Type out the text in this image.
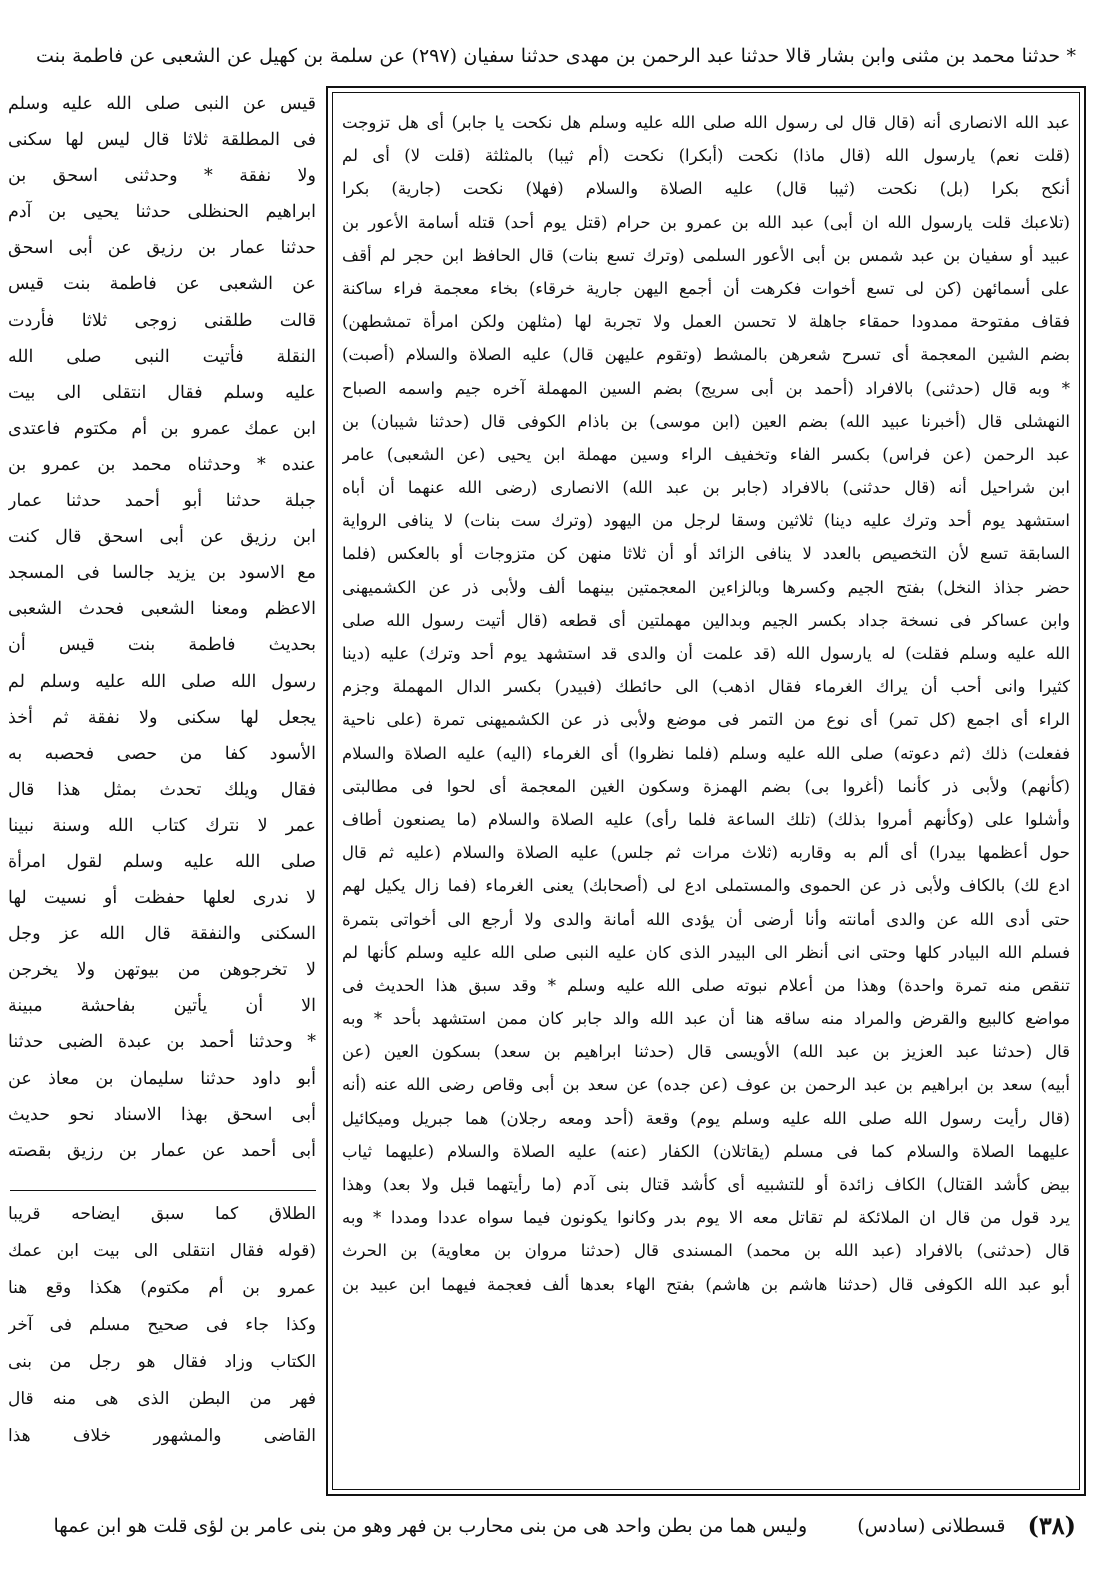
* حدثنا محمد بن مثنى وابن بشار قالا حدثنا عبد الرحمن بن مهدى حدثنا سفيان (٢٩٧) عن سلمة بن كهيل عن الشعبى عن فاطمة بنت
عبد الله الانصارى أنه (قال قال لى رسول الله صلى الله عليه وسلم هل نكحت يا جابر) أى هل تزوجت
(قلت نعم) يارسول الله (قال ماذا) نكحت (أبكرا) نكحت (أم ثيبا) بالمثلثة (قلت لا) أى لم
أنكح بكرا (بل) نكحت (ثيبا قال) عليه الصلاة والسلام (فهلا) نكحت (جارية) بكرا
(تلاعبك قلت يارسول الله ان أبى) عبد الله بن عمرو بن حرام (قتل يوم أحد) قتله أسامة الأعور بن
عبيد أو سفيان بن عبد شمس بن أبى الأعور السلمى (وترك تسع بنات) قال الحافظ ابن حجر لم أقف
على أسمائهن (كن لى تسع أخوات فكرهت أن أجمع اليهن جارية خرقاء) بخاء معجمة فراء ساكنة
فقاف مفتوحة ممدودا حمقاء جاهلة لا تحسن العمل ولا تجربة لها (مثلهن ولكن امرأة تمشطهن)
بضم الشين المعجمة أى تسرح شعرهن بالمشط (وتقوم عليهن قال) عليه الصلاة والسلام (أصبت)
* وبه قال (حدثنى) بالافراد (أحمد بن أبى سريج) بضم السين المهملة آخره جيم واسمه الصباح
النهشلى قال (أخبرنا عبيد الله) بضم العين (ابن موسى) بن باذام الكوفى قال (حدثنا شيبان) بن
عبد الرحمن (عن فراس) بكسر الفاء وتخفيف الراء وسين مهملة ابن يحيى (عن الشعبى) عامر
ابن شراحيل أنه (قال حدثنى) بالافراد (جابر بن عبد الله) الانصارى (رضى الله عنهما أن أباه
استشهد يوم أحد وترك عليه دينا) ثلاثين وسقا لرجل من اليهود (وترك ست بنات) لا ينافى الرواية
السابقة تسع لأن التخصيص بالعدد لا ينافى الزائد أو أن ثلاثا منهن كن متزوجات أو بالعكس (فلما
حضر جذاذ النخل) بفتح الجيم وكسرها وبالزاءين المعجمتين بينهما ألف ولأبى ذر عن الكشميهنى
وابن عساكر فى نسخة جداد بكسر الجيم وبدالين مهملتين أى قطعه (قال أتيت رسول الله صلى
الله عليه وسلم فقلت) له يارسول الله (قد علمت أن والدى قد استشهد يوم أحد وترك) عليه (دينا
كثيرا وانى أحب أن يراك الغرماء فقال اذهب) الى حائطك (فبيدر) بكسر الدال المهملة وجزم
الراء أى اجمع (كل تمر) أى نوع من التمر فى موضع ولأبى ذر عن الكشميهنى تمرة (على ناحية
ففعلت) ذلك (ثم دعوته) صلى الله عليه وسلم (فلما نظروا) أى الغرماء (اليه) عليه الصلاة والسلام
(كأنهم) ولأبى ذر كأنما (أغروا بى) بضم الهمزة وسكون الغين المعجمة أى لحوا فى مطالبتى
وأشلوا على (وكأنهم أمروا بذلك) (تلك الساعة فلما رأى) عليه الصلاة والسلام (ما يصنعون أطاف
حول أعظمها بيدرا) أى ألم به وقاربه (ثلاث مرات ثم جلس) عليه الصلاة والسلام (عليه ثم قال
ادع لك) بالكاف ولأبى ذر عن الحموى والمستملى ادع لى (أصحابك) يعنى الغرماء (فما زال يكيل لهم
حتى أدى الله عن والدى أمانته وأنا أرضى أن يؤدى الله أمانة والدى ولا أرجع الى أخواتى بتمرة
فسلم الله البيادر كلها وحتى انى أنظر الى البيدر الذى كان عليه النبى صلى الله عليه وسلم كأنها لم
تنقص منه تمرة واحدة) وهذا من أعلام نبوته صلى الله عليه وسلم * وقد سبق هذا الحديث فى
مواضع كالبيع والقرض والمراد منه ساقه هنا أن عبد الله والد جابر كان ممن استشهد بأحد * وبه
قال (حدثنا عبد العزيز بن عبد الله) الأويسى قال (حدثنا ابراهيم بن سعد) بسكون العين (عن
أبيه) سعد بن ابراهيم بن عبد الرحمن بن عوف (عن جده) عن سعد بن أبى وقاص رضى الله عنه (أنه
(قال رأيت رسول الله صلى الله عليه وسلم يوم) وقعة (أحد ومعه رجلان) هما جبريل وميكائيل
عليهما الصلاة والسلام كما فى مسلم (يقاتلان) الكفار (عنه) عليه الصلاة والسلام (عليهما ثياب
بيض كأشد القتال) الكاف زائدة أو للتشبيه أى كأشد قتال بنى آدم (ما رأيتهما قبل ولا بعد) وهذا
يرد قول من قال ان الملائكة لم تقاتل معه الا يوم بدر وكانوا يكونون فيما سواه عددا ومددا * وبه
قال (حدثنى) بالافراد (عبد الله بن محمد) المسندى قال (حدثنا مروان بن معاوية) بن الحرث
أبو عبد الله الكوفى قال (حدثنا هاشم بن هاشم) بفتح الهاء بعدها ألف فعجمة فيهما ابن عبيد بن
قيس عن النبى صلى الله عليه وسلم
فى المطلقة ثلاثا قال ليس لها سكنى
ولا نفقة * وحدثنى اسحق بن
ابراهيم الحنظلى حدثنا يحيى بن آدم
حدثنا عمار بن رزيق عن أبى اسحق
عن الشعبى عن فاطمة بنت قيس
قالت طلقنى زوجى ثلاثا فأردت
النقلة فأتيت النبى صلى الله
عليه وسلم فقال انتقلى الى بيت
ابن عمك عمرو بن أم مكتوم فاعتدى
عنده * وحدثناه محمد بن عمرو بن
جبلة حدثنا أبو أحمد حدثنا عمار
ابن رزيق عن أبى اسحق قال كنت
مع الاسود بن يزيد جالسا فى المسجد
الاعظم ومعنا الشعبى فحدث الشعبى
بحديث فاطمة بنت قيس أن
رسول الله صلى الله عليه وسلم لم
يجعل لها سكنى ولا نفقة ثم أخذ
الأسود كفا من حصى فحصبه به
فقال ويلك تحدث بمثل هذا قال
عمر لا نترك كتاب الله وسنة نبينا
صلى الله عليه وسلم لقول امرأة
لا ندرى لعلها حفظت أو نسيت لها
السكنى والنفقة قال الله عز وجل
لا تخرجوهن من بيوتهن ولا يخرجن
الا أن يأتين بفاحشة مبينة
* وحدثنا أحمد بن عبدة الضبى حدثنا
أبو داود حدثنا سليمان بن معاذ عن
أبى اسحق بهذا الاسناد نحو حديث
أبى أحمد عن عمار بن رزيق بقصته
الطلاق كما سبق ايضاحه قريبا
(قوله فقال انتقلى الى بيت ابن عمك
عمرو بن أم مكتوم) هكذا وقع هنا
وكذا جاء فى صحيح مسلم فى آخر
الكتاب وزاد فقال هو رجل من بنى
فهر من البطن الذى هى منه قال
القاضى والمشهور خلاف هذا
(٣٨)
قسطلانى (سادس)
وليس هما من بطن واحد هى من بنى محارب بن فهر وهو من بنى عامر بن لؤى قلت هو ابن عمها
